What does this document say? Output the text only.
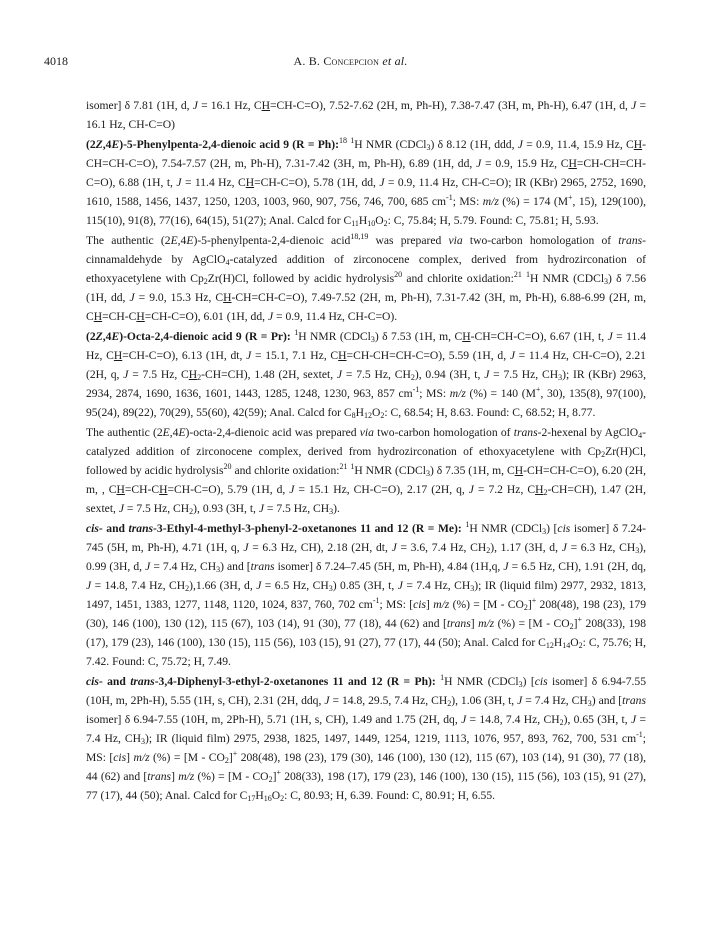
4018	A. B. Concepcion et al.

isomer] δ 7.81 (1H, d, J = 16.1 Hz, CH=CH-C=O), 7.52-7.62 (2H, m, Ph-H), 7.38-7.47 (3H, m, Ph-H), 6.47 (1H, d, J = 16.1 Hz, CH-C=O)

(2Z,4E)-5-Phenylpenta-2,4-dienoic acid 9 (R = Ph):$^{18}$ $^1$H NMR (CDCl$_3$) δ 8.12 (1H, ddd, J = 0.9, 11.4, 15.9 Hz, CH-CH=CH-C=O), 7.54-7.57 (2H, m, Ph-H), 7.31-7.42 (3H, m, Ph-H), 6.89 (1H, dd, J = 0.9, 15.9 Hz, CH=CH-CH=CH-C=O), 6.88 (1H, t, J = 11.4 Hz, CH=CH-C=O), 5.78 (1H, dd, J = 0.9, 11.4 Hz, CH-C=O); IR (KBr) 2965, 2752, 1690, 1610, 1588, 1456, 1437, 1250, 1203, 1003, 960, 907, 756, 746, 700, 685 $cm^{-1}$; MS: m/z (%) = 174 (M+, 15), 129(100), 115(10), 91(8), 77(16), 64(15), 51(27); Anal. Calcd for $C_{11}H_{10}O_2$: C, 75.84; H, 5.79. Found: C, 75.81; H, 5.93.

The authentic (2E,4E)-5-phenylpenta-2,4-dienoic acid$^{18,19}$ was prepared via two-carbon homologation of trans-cinnamaldehyde by AgClO$_4$-catalyzed addition of zirconocene complex, derived from hydrozirconation of ethoxyacetylene with $Cp_2Zr(H)Cl$, followed by acidic hydrolysis$^{20}$ and chlorite oxidation:$^{21}$ $^1$H NMR (CDCl$_3$) δ 7.56 (1H, dd, J = 9.0, 15.3 Hz, CH-CH=CH-C=O), 7.49-7.52 (2H, m, Ph-H), 7.31-7.42 (3H, m, Ph-H), 6.88-6.99 (2H, m, CH=CH-CH=CH-C=O), 6.01 (1H, dd, J = 0.9, 11.4 Hz, CH-C=O).

(2Z,4E)-Octa-2,4-dienoic acid 9 (R = Pr): $^1$H NMR (CDCl$_3$) δ 7.53 (1H, m, CH-CH=CH-C=O), 6.67 (1H, t, J = 11.4 Hz, CH=CH-C=O), 6.13 (1H, dt, J = 15.1, 7.1 Hz, CH=CH-CH=CH-C=O), 5.59 (1H, d, J = 11.4 Hz, CH-C=O), 2.21 (2H, q, J = 7.5 Hz, $CH_2-CH=CH$), 1.48 (2H, sextet, J = 7.5 Hz, $CH_2$), 0.94 (3H, t, J = 7.5 Hz, $CH_3$); IR (KBr) 2963, 2934, 2874, 1690, 1636, 1601, 1443, 1285, 1248, 1230, 963, 857 $cm^{-1}$; MS: m/z (%) = 140 (M+, 30), 135(8), 97(100), 95(24), 89(22), 70(29), 55(60), 42(59); Anal. Calcd for $C_8H_{12}O_2$: C, 68.54; H, 8.63. Found: C, 68.52; H, 8.77.

The authentic (2E,4E)-octa-2,4-dienoic acid was prepared via two-carbon homologation of trans-2-hexenal by AgClO$_4$-catalyzed addition of zirconocene complex, derived from hydrozirconation of ethoxyacetylene with $Cp_2Zr(H)Cl$, followed by acidic hydrolysis$^{20}$ and chlorite oxidation:$^{21}$ $^1$H NMR (CDCl$_3$) δ 7.35 (1H, m, CH-CH=CH-C=O), 6.20 (2H, m, , CH=CH-CH=CH-C=O), 5.79 (1H, d, J = 15.1 Hz, CH-C=O), 2.17 (2H, q, J = 7.2 Hz, $CH_2-CH=CH$), 1.47 (2H, sextet, J = 7.5 Hz, $CH_2$), 0.93 (3H, t, J = 7.5 Hz, $CH_3$).

cis- and trans-3-Ethyl-4-methyl-3-phenyl-2-oxetanones 11 and 12 (R = Me): $^1$H NMR (CDCl$_3$) [cis isomer] δ 7.24-745 (5H, m, Ph-H), 4.71 (1H, q, J = 6.3 Hz, CH), 2.18 (2H, dt, J = 3.6, 7.4 Hz, $CH_2$), 1.17 (3H, d, J = 6.3 Hz, $CH_3$), 0.99 (3H, d, J = 7.4 Hz, $CH_3$) and [trans isomer] δ 7.24–7.45 (5H, m, Ph-H), 4.84 (1H,q, J = 6.5 Hz, CH), 1.91 (2H, dq, J = 14.8, 7.4 Hz, $CH_2),1.66$ (3H, d, J = 6.5 Hz, $CH_3$) 0.85 (3H, t, J = 7.4 Hz, $CH_3$); IR (liquid film) 2977, 2932, 1813, 1497, 1451, 1383, 1277, 1148, 1120, 1024, 837, 760, 702 $cm^{-1}$; MS: [cis] m/z (%) = $[M - CO_2]^+$ 208(48), 198 (23), 179 (30), 146 (100), 130 (12), 115 (67), 103 (14), 91 (30), 77 (18), 44 (62) and [trans] m/z (%) = $[M - CO_2]^+$ 208(33), 198 (17), 179 (23), 146 (100), 130 (15), 115 (56), 103 (15), 91 (27), 77 (17), 44 (50); Anal. Calcd for $C_{12}H_{14}O_2$: C, 75.76; H, 7.42. Found: C, 75.72; H, 7.49.

cis- and trans-3,4-Diphenyl-3-ethyl-2-oxetanones 11 and 12 (R = Ph): $^1$H NMR (CDCl$_3$) [cis isomer] δ 6.94-7.55 (10H, m, 2Ph-H), 5.55 (1H, s, CH), 2.31 (2H, ddq, J = 14.8, 29.5, 7.4 Hz, $CH_2$), 1.06 (3H, t, J = 7.4 Hz, $CH_3$) and [trans isomer] δ 6.94-7.55 (10H, m, 2Ph-H), 5.71 (1H, s, CH), 1.49 and 1.75 (2H, dq, J = 14.8, 7.4 Hz, $CH_2$), 0.65 (3H, t, J = 7.4 Hz, $CH_3$); IR (liquid film) 2975, 2938, 1825, 1497, 1449, 1254, 1219, 1113, 1076, 957, 893, 762, 700, 531 $cm^{-1}$; MS: [cis] m/z (%) = $[M - CO_2]^+$ 208(48), 198 (23), 179 (30), 146 (100), 130 (12), 115 (67), 103 (14), 91 (30), 77 (18), 44 (62) and [trans] m/z (%) = $[M - CO_2]^+$ 208(33), 198 (17), 179 (23), 146 (100), 130 (15), 115 (56), 103 (15), 91 (27), 77 (17), 44 (50); Anal. Calcd for $C_{17}H_{16}O_2$: C, 80.93; H, 6.39. Found: C, 80.91; H, 6.55.
